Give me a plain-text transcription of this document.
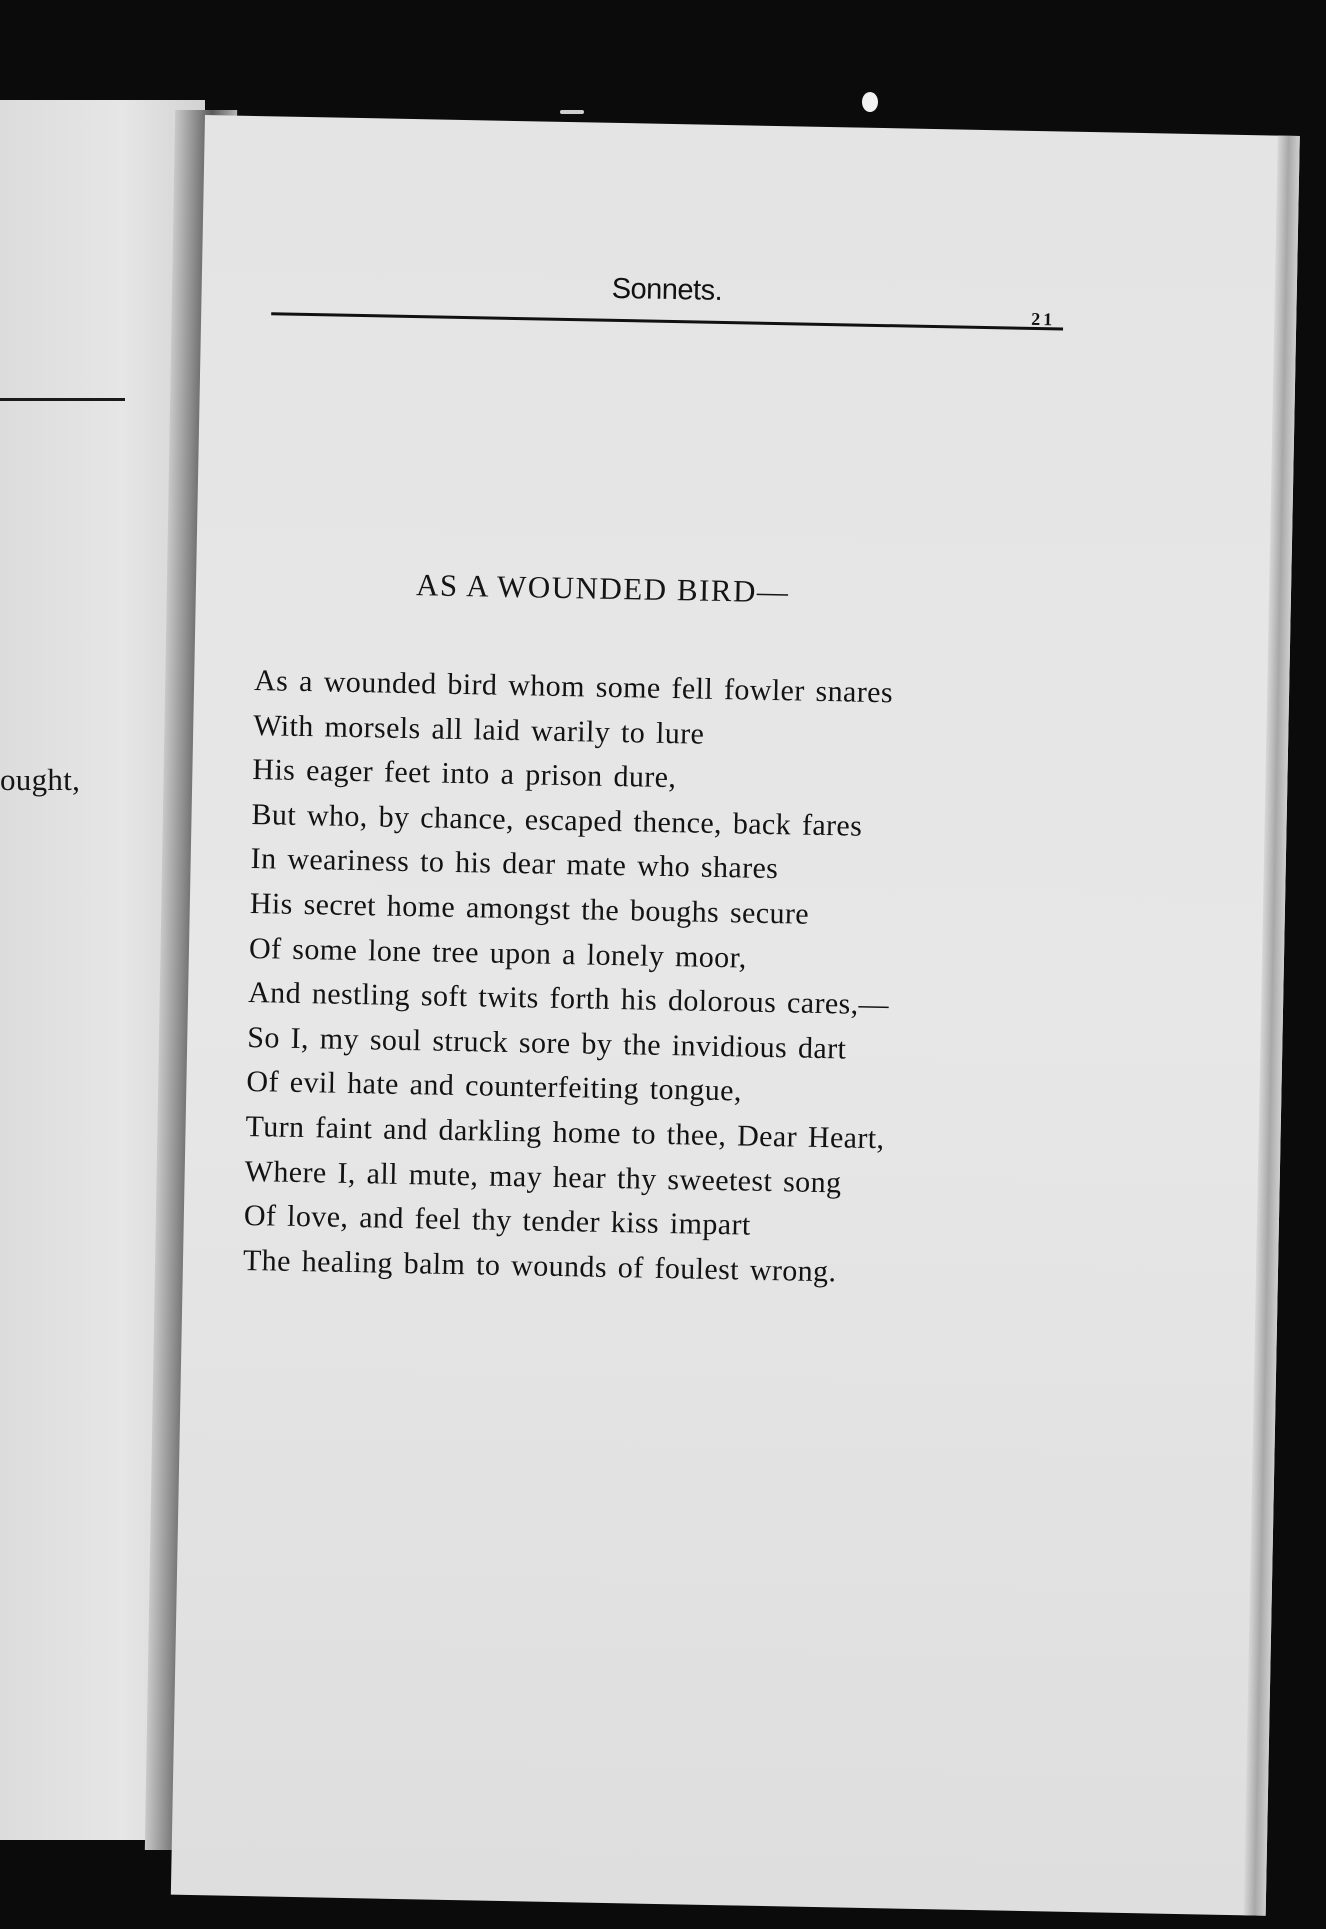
ought,
Sonnets.
21
AS A WOUNDED BIRD—
As a wounded bird whom some fell fowler snares
With morsels all laid warily to lure
His eager feet into a prison dure,
But who, by chance, escaped thence, back fares
In weariness to his dear mate who shares
His secret home amongst the boughs secure
Of some lone tree upon a lonely moor,
And nestling soft twits forth his dolorous cares,—
So I, my soul struck sore by the invidious dart
Of evil hate and counterfeiting tongue,
Turn faint and darkling home to thee, Dear Heart,
Where I, all mute, may hear thy sweetest song
Of love, and feel thy tender kiss impart
The healing balm to wounds of foulest wrong.
